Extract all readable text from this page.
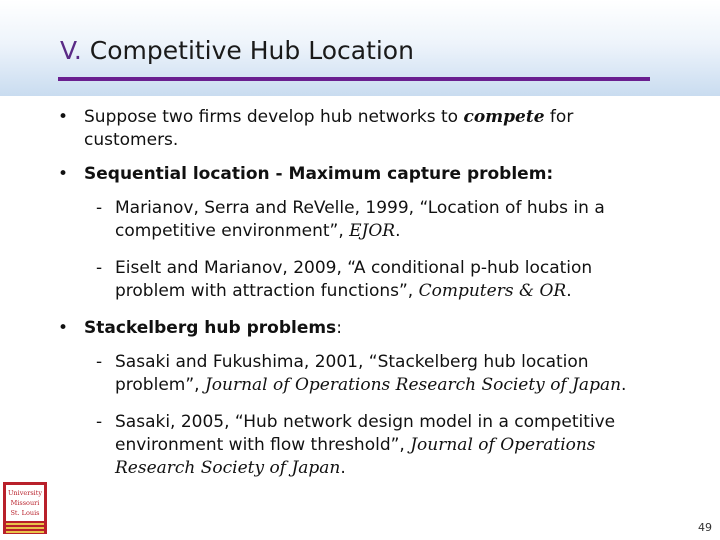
V. Competitive Hub Location
• Suppose two firms develop hub networks to compete for customers.
• Sequential location - Maximum capture problem:
- Marianov, Serra and ReVelle, 1999, “Location of hubs in a competitive environment”, EJOR.
- Eiselt and Marianov, 2009, “A conditional p-hub location problem with attraction functions”, Computers & OR.
• Stackelberg hub problems:
- Sasaki and Fukushima, 2001, “Stackelberg hub location problem”, Journal of Operations Research Society of Japan.
- Sasaki, 2005, “Hub network design model in a competitive environment with flow threshold”, Journal of Operations Research Society of Japan.
University
Missouri
St. Louis
49
